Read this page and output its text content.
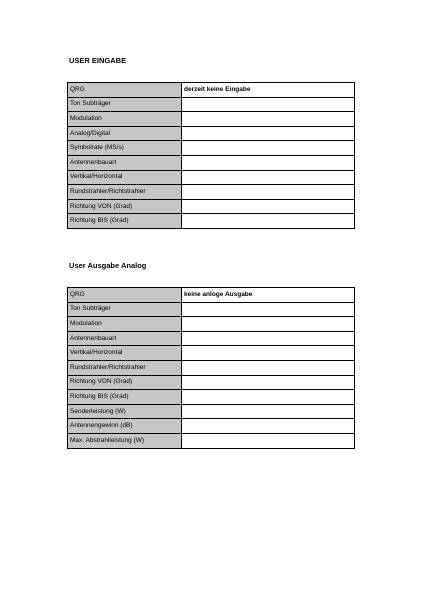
USER EINGABE
QRG	derzeit keine Eingabe
Ton Subträger	
Modulation	
Analog/Digital	
Symbolrate (MS/s)	
Antennenbauart	
Vertikal/Horizontal	
Rundstrahler/Richtstrahler	
Richtung VON (Grad)	
Richtung BIS (Grad)	
User Ausgabe Analog
QRG	keine anloge Ausgabe
Ton Subträger	
Modulation	
Antennenbauart	
Vertikal/Horizontal	
Rundstrahler/Richtstrahler	
Richtung VON (Grad)	
Richtung BIS (Grad)	
Senderleistung (W)	
Antennengewinn (dB)	
Max. Abstrahlleistung (W)	
